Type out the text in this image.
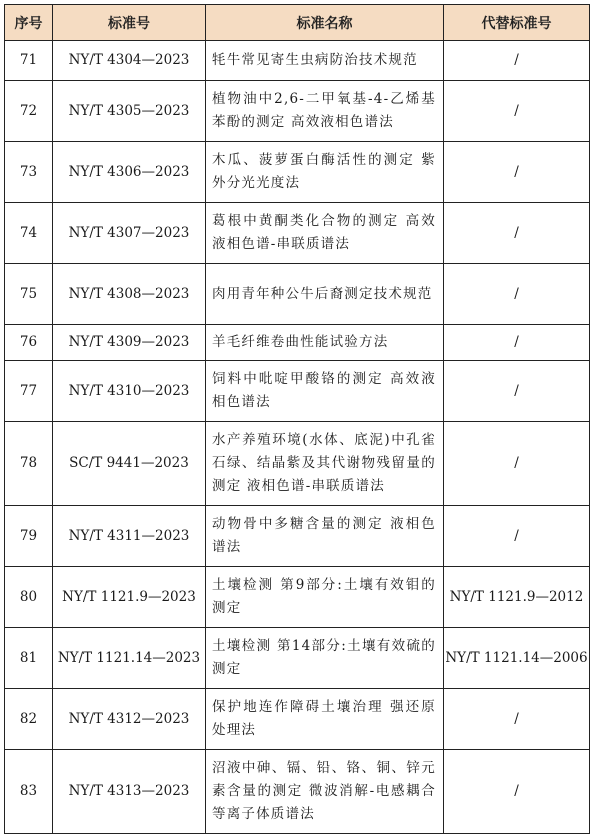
序号	标准号	标准名称	代替标准号
71	NY/T 4304—2023	牦牛常见寄生虫病防治技术规范	/
72	NY/T 4305—2023	植物油中2,6-二甲氧基-4-乙烯基苯酚的测定 高效液相色谱法	/
73	NY/T 4306—2023	木瓜、菠萝蛋白酶活性的测定 紫外分光光度法	/
74	NY/T 4307—2023	葛根中黄酮类化合物的测定 高效液相色谱-串联质谱法	/
75	NY/T 4308—2023	肉用青年种公牛后裔测定技术规范	/
76	NY/T 4309—2023	羊毛纤维卷曲性能试验方法	/
77	NY/T 4310—2023	饲料中吡啶甲酸铬的测定 高效液相色谱法	/
78	SC/T 9441—2023	水产养殖环境(水体、底泥)中孔雀石绿、结晶紫及其代谢物残留量的测定 液相色谱-串联质谱法	/
79	NY/T 4311—2023	动物骨中多糖含量的测定 液相色谱法	/
80	NY/T 1121.9—2023	土壤检测 第9部分:土壤有效钼的测定	NY/T 1121.9—2012
81	NY/T 1121.14—2023	土壤检测 第14部分:土壤有效硫的测定	NY/T 1121.14—2006
82	NY/T 4312—2023	保护地连作障碍土壤治理 强还原处理法	/
83	NY/T 4313—2023	沼液中砷、镉、铅、铬、铜、锌元素含量的测定 微波消解-电感耦合等离子体质谱法	/
